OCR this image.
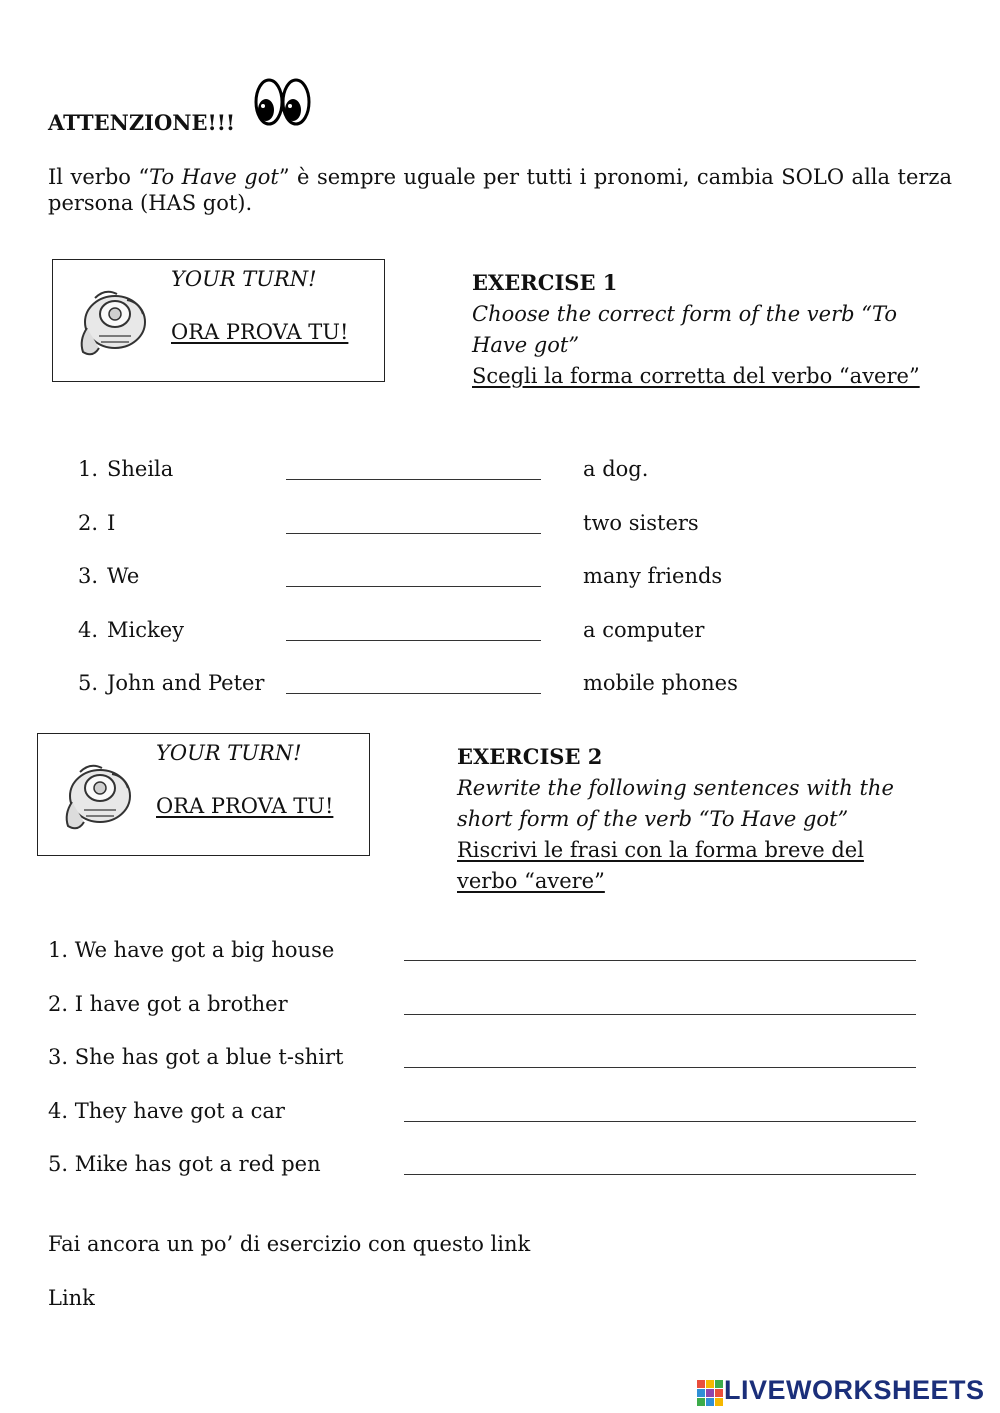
ATTENZIONE!!!
Il verbo “To Have got” è sempre uguale per tutti i pronomi, cambia SOLO alla terza
persona (HAS got).
YOUR TURN!
ORA PROVA TU!
EXERCISE 1
Choose the correct form of the verb “To
Have got”
Scegli la forma corretta del verbo “avere”
1. Sheila	a dog.
2. I	two sisters
3. We	many friends
4. Mickey	a computer
5. John and Peter	mobile phones
YOUR TURN!
ORA PROVA TU!
EXERCISE 2
Rewrite the following sentences with the
short form of the verb “To Have got”
Riscrivi le frasi con la forma breve del
verbo “avere”
1. We have got a big house
2. I have got a brother
3. She has got a blue t-shirt
4. They have got a car
5. Mike has got a red pen
Fai ancora un po’ di esercizio con questo link
Link
LIVEWORKSHEETS
